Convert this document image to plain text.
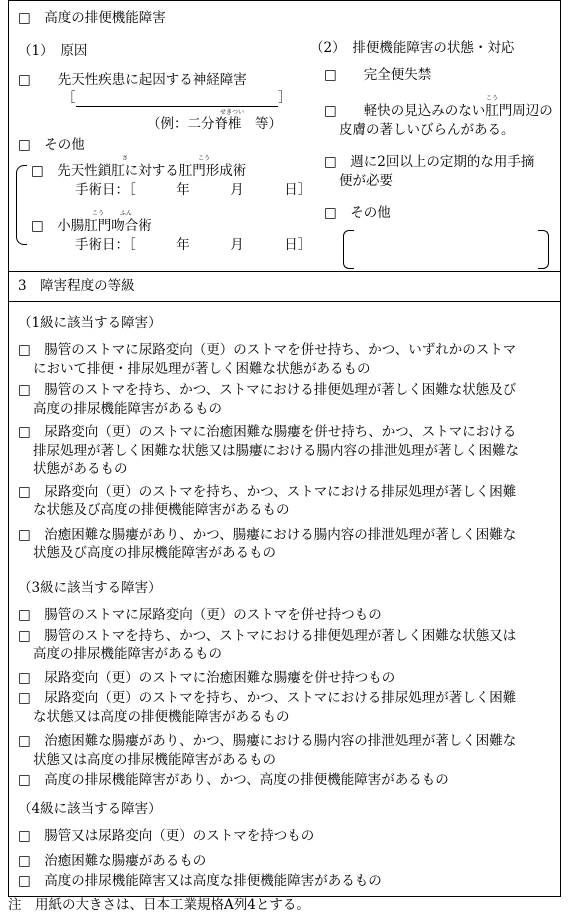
□　高度の排便機能障害
（1）　原因
□　　先天性疾患に起因する神経障害
［	］
せきつい
（例：二分脊椎　等）
□　その他
さ	こう
□　先天性鎖肛に対する肛門形成術
手術日：［　　　年　　　月　　　日］
こう	ふん
□　小腸肛門吻合術
手術日：［　　　年　　　月　　　日］
（2）　排便機能障害の状態・対応
□　　完全便失禁
こう
□　　軽快の見込みのない肛門周辺の
皮膚の著しいびらんがある。
□　週に2回以上の定期的な用手摘
便が必要
□　その他
3　障害程度の等級
（1級に該当する障害）
□　腸管のストマに尿路変向（更）のストマを併せ持ち、かつ、いずれかのストマ
において排便・排尿処理が著しく困難な状態があるもの
□　腸管のストマを持ち、かつ、ストマにおける排便処理が著しく困難な状態及び
高度の排尿機能障害があるもの
□　尿路変向（更）のストマに治癒困難な腸瘻を併せ持ち、かつ、ストマにおける
排尿処理が著しく困難な状態又は腸瘻における腸内容の排泄処理が著しく困難な
状態があるもの
□　尿路変向（更）のストマを持ち、かつ、ストマにおける排尿処理が著しく困難
な状態及び高度の排便機能障害があるもの
□　治癒困難な腸瘻があり、かつ、腸瘻における腸内容の排泄処理が著しく困難な
状態及び高度の排尿機能障害があるもの
（3級に該当する障害）
□　腸管のストマに尿路変向（更）のストマを併せ持つもの
□　腸管のストマを持ち、かつ、ストマにおける排便処理が著しく困難な状態又は
高度の排尿機能障害があるもの
□　尿路変向（更）のストマに治癒困難な腸瘻を併せ持つもの
□　尿路変向（更）のストマを持ち、かつ、ストマにおける排尿処理が著しく困難
な状態又は高度の排便機能障害があるもの
□　治癒困難な腸瘻があり、かつ、腸瘻における腸内容の排泄処理が著しく困難な
状態又は高度の排尿機能障害があるもの
□　高度の排尿機能障害があり、かつ、高度の排便機能障害があるもの
（4級に該当する障害）
□　腸管又は尿路変向（更）のストマを持つもの
□　治癒困難な腸瘻があるもの
□　高度の排尿機能障害又は高度な排便機能障害があるもの
注　用紙の大きさは、日本工業規格A列4とする。
